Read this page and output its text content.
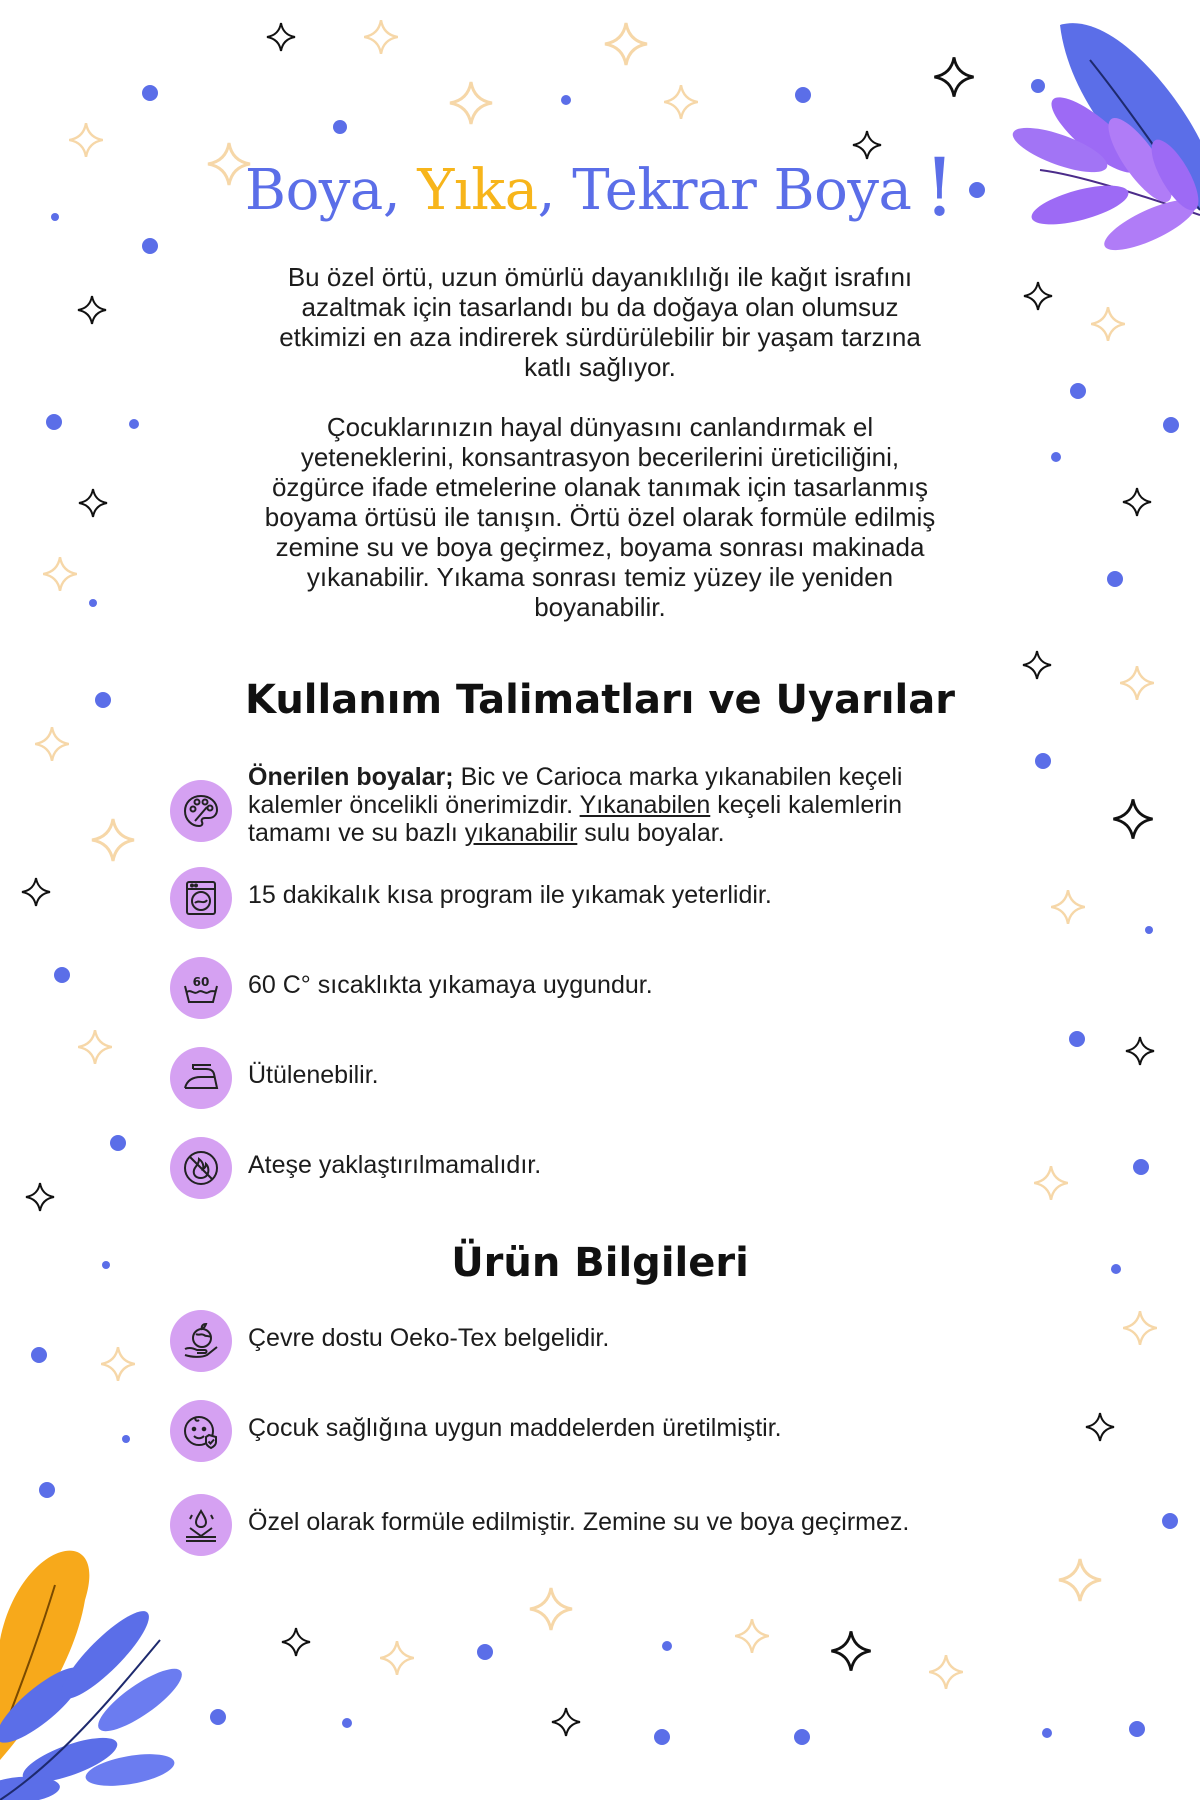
Boya, Yıka, Tekrar Boya !

Bu özel örtü, uzun ömürlü dayanıklılığı ile kağıt israfını
azaltmak için tasarlandı bu da doğaya olan olumsuz
etkimizi en aza indirerek sürdürülebilir bir yaşam tarzına
katlı sağlıyor.

Çocuklarınızın hayal dünyasını canlandırmak el
yeteneklerini, konsantrasyon becerilerini üreticiliğini,
özgürce ifade etmelerine olanak tanımak için tasarlanmış
boyama örtüsü ile tanışın. Örtü özel olarak formüle edilmiş
zemine su ve boya geçirmez, boyama sonrası makinada
yıkanabilir. Yıkama sonrası temiz yüzey ile yeniden
boyanabilir.

Kullanım Talimatları ve Uyarılar
Önerilen boyalar; Bic ve Carioca marka yıkanabilen keçeli
kalemler öncelikli önerimizdir. Yıkanabilen keçeli kalemlerin
tamamı ve su bazlı yıkanabilir sulu boyalar.
15 dakikalık kısa program ile yıkamak yeterlidir.
60 60 C° sıcaklıkta yıkamaya uygundur.
Ütülenebilir.
Ateşe yaklaştırılmamalıdır.
Ürün Bilgileri
Çevre dostu Oeko-Tex belgelidir.
Çocuk sağlığına uygun maddelerden üretilmiştir.
Özel olarak formüle edilmiştir. Zemine su ve boya geçirmez.
